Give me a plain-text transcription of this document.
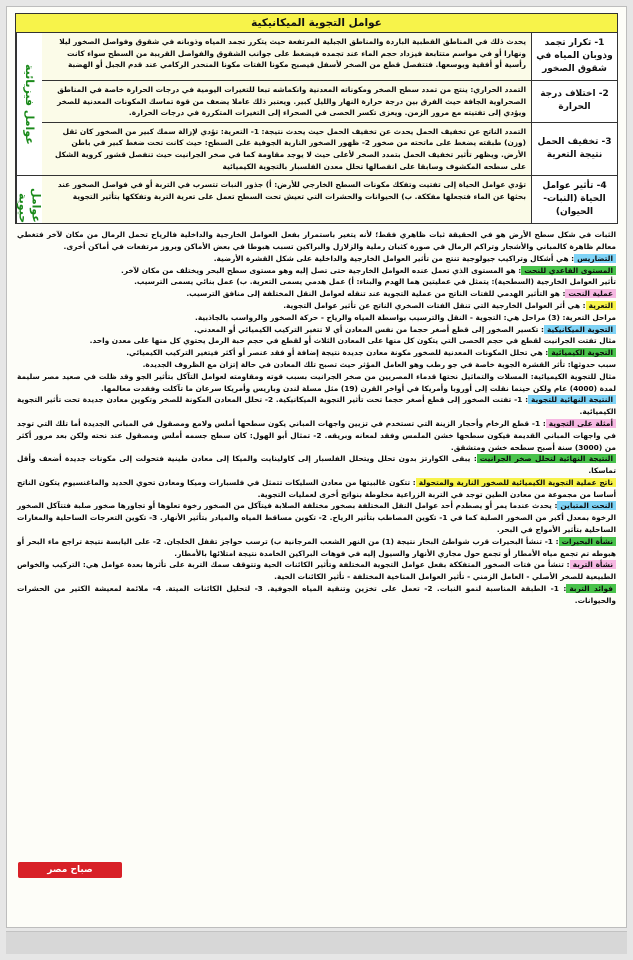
عوامل التجوية الميكانيكية
1- تكرار تجمد وذوبان المياه في شقوق الصخور
يحدث ذلك في المناطق القطبية الباردة والمناطق الجبلية المرتفعة حيث يتكرر تجمد المياه وذوبانه في شقوق وفواصل الصخور ليلا ونهارا أو في مواسم متتابعة فيزداد حجم الماء عند تجمده فيضغط على جوانب الشقوق والفواصل القريبة من السطح سواء كانت رأسية أو أفقية ويوسعها. فتتفصل قطع من الصخر لأسفل فيصبح مكونا الفتات مكونا المنحدر الركامي عند قدم الجبل أو الهضبة
2- اختلاف درجة الحرارة
التمدد الحراري: ينتج من تمدد سطح الصخر ومكوناته المعدنية وانكماشه تبعا للتغيرات اليومية في درجات الحرارة خاصة في المناطق الصحراوية الجافة حيث الفرق بين درجة حرارة النهار والليل كبير. ويعتبر ذلك عاملا يضعف من قوة تماسك المكونات المعدنية للصخر ويؤدي إلى تفتيته مع مرور الزمن. ويعزى تكسر الحصى في الصحراء إلى التغيرات المتكررة في درجات الحرارة.
3- تخفيف الحمل نتيجة التعرية
التمدد الناتج عن تخفيف الحمل يحدث عن تخفيف الحمل حيث يحدث نتيجة: 1- التعرية: تؤدي لإزالة سمك كبير من الصخور كان ثقل (وزن) طبقته يضغط على ماتحته من صخور 2- ظهور الصخور النارية الجوفية على السطح: حيث كانت تحت ضغط كبير في باطن الأرض. ويظهر تأثير تخفيف الحمل بتمدد الصخر لأعلى حيث لا يوجد مقاومة كما في صخر الجرانيت حيث تنفصل قشور كروية الشكل على سطحه المكشوف وسابقا على انفصالها تحلل معدن الفلسبار بالتجوية الكيميائية
4- تأثير عوامل الحياة (النبات-الحيوان)
تؤدي عوامل الحياة إلى تفتيت وتفكك مكونات السطح الخارجي للأرض: أ) جذور النبات تتسرب في التربة أو في فواصل الصخور عند بحثها عن الماء فتجعلها مفككة. ب) الحيوانات والحشرات التي تعيش تحت السطح تعمل على تعرية التربة وتفككها بتأثير التجوية
عوامل فيزيائية
عوامل حيوية

الثبات في شكل سطح الأرض هو في الحقيقة ثبات ظاهري فقط؛ لأنه يتغير باستمرار بفعل العوامل الخارجية والداخلية فالرياح تحمل الرمال من مكان لآخر فتغطي معالم ظاهرة كالمباني والأشجار وتراكم الرمال في صورة كثبان رملية والزلازل والبراكين تسبب هبوطا في بعض الأماكن وبروز مرتفعات في أماكن أخرى.

التضاريس: هي أشكال وتراكيب جيولوجية تنتج من تأثير العوامل الخارجية والداخلية على شكل القشرة الأرضية.

المستوى القاعدي للنحت: هو المستوى الذي تعمل عنده العوامل الخارجية حتى تصل إليه وهو مستوى سطح البحر ويختلف من مكان لآخر.

تأثير العوامل الخارجية (السطحية): يتمثل في عمليتين هما الهدم والبناء: أ) عمل هدمي يسمى التعرية. ب) عمل بنائي يسمى الترسيب.

عملية النحت: هو التأثير الهدمي للفتات الناتج من عملية التجوية عند تنقله لعوامل النقل المختلفة إلى منافق الترسيب.

التعرية: هي أثر العوامل الخارجية التي تنقل الفتات الصخري الناتج عن تأثير عوامل التجوية.

مراحل التعرية: (3) مراحل هي: التجوية - النقل والترسيب بواسطة المياه والرياح - حركة الصخور والرواسب بالجاذبية.

التجوية الميكانيكية: تكسير الصخور إلى قطع أصغر حجما من نفس المعادن أي لا تتغير التركيب الكيميائي أو المعدني.

مثال تفتت الجرانيت لقطع في حجم الحصى التي يتكون كل منها على المعادن الثلاث أو لقطع في حجم حبة الرمل يحتوي كل منها على معدن واحد.

التجوية الكيميائية: هي تحلل المكونات المعدنية للصخور مكونة معادن جديدة نتيجة إضافة أو فقد عنصر أو أكثر فيتغير التركيب الكيميائي.

سبب حدوثها: تأثر القشرة الجوية خاصة في جو رطب وهو العامل المؤثر حيث تصبح تلك المعادن في حالة إتزان مع الظروف الجديدة.

مثال للتجوية الكيميائية: المسلات والتماثيل نحتها قدماء المصريين من صخر الجرانيت بسبب قوته ومقاومته لعوامل التآكل بتأثير الجو وقد ظلت في صعيد مصر سليمة لمدة (4000) عام ولكن حينما نقلت إلى أوروبا وأمريكا في أواخر القرن (19) مثل مسلة لندن وباريس وأمريكا سرعان ما تآكلت وفقدت معالمها.

النتيجة النهائية للتجوية: 1- تفتت الصخور إلى قطع أصغر حجما تحت تأثير التجوية الميكانيكية. 2- تحلل المعادن المكونة للصخر وتكوين معادن جديدة تحت تأثير التجوية الكيميائية.

أمثلة على التجوية: 1- قطع الرخام وأحجار الزينة التي تستخدم في تزيين واجهات المباني يكون سطحها أملس ولامع ومصقول في المباني الجديدة أما تلك التي توجد في واجهات المباني القديمة فيكون سطحها خشن الملمس وفقد لمعانه وبريقه. 2- تمثال أبو الهول: كان سطح جسمه أملس ومصقول عند نحته ولكن بعد مرور أكثر من (3000) سنة أصبح سطحه خشن ومتشقق.

النتيجة النهائية لتحلل صخر الجرانيت: يبقى الكوارتز بدون تحلل ويتحلل الفلسبار إلى كاولينايت والميكا إلى معادن طينية فتحولت إلى مكونات جديدة أضعف وأقل تماسكا.

ناتج عملية التجوية الكيميائية للصخور النارية والمتحولة: تتكون غالبيتها من معادن السليكات تتمثل في فلسبارات وميكا ومعادن تحوي الحديد والماغنسيوم يتكون الناتج أساسا من مجموعة من معادن الطين توجد في التربة الزراعية مخلوطة بنواتج أخرى لعمليات التجوية.

النحت المتباين: يحدث عندما يمر أو يصطدم أحد عوامل النقل المختلفة بصخور مختلفة الصلابة فيتآكل من الصخور رخوة تعلوها أو تجاورها صخور صلبة فتتآكل الصخور الرخوة بمعدل أكبر من الصخور الصلبة كما في 1- تكوين المصاطب بتأثير الرياح. 2- تكوين مساقط المياه والميادر بتأثير الأنهار. 3- تكوين التعرجات الساحلية والمغارات الساحلية بتأثير الأمواج في البحر.

نشأة البحيرات: 1- تنشأ البحيرات قرب شواطئ البحار نتيجة (1) من النهر الشعب المرجانية ب) ترسب حواجز تقفل الخلجان. 2- على اليابسة نتيجة تراجع ماء البحر أو هبوطه تم تجمع مياه الأمطار أو تجمع حول مجاري الأنهار والسيول إليه في فوهات البراكين الخامدة نتيجة امتلائها بالأمطار.

نشأة التربة: تنشأ من فتات الصخور المتفككة بفعل عوامل التجوية المختلفة وتأثير الكائنات الحية وتتوقف سمك التربة على تأثرها بعدة عوامل هي: التركيب والخواص الطبيعية للصخر الأصلي - العامل الزمني - تأثير العوامل المناخية المختلفة - تأثير الكائنات الحية.

فوائد التربة: 1- الطبقة المناسبة لنمو النبات. 2- تعمل على تخزين وتنقية المياه الجوفية. 3- لتحليل الكائنات الميتة. 4- ملائمة لمعيشة الكثير من الحشرات والحيوانات.

صباح مصر
